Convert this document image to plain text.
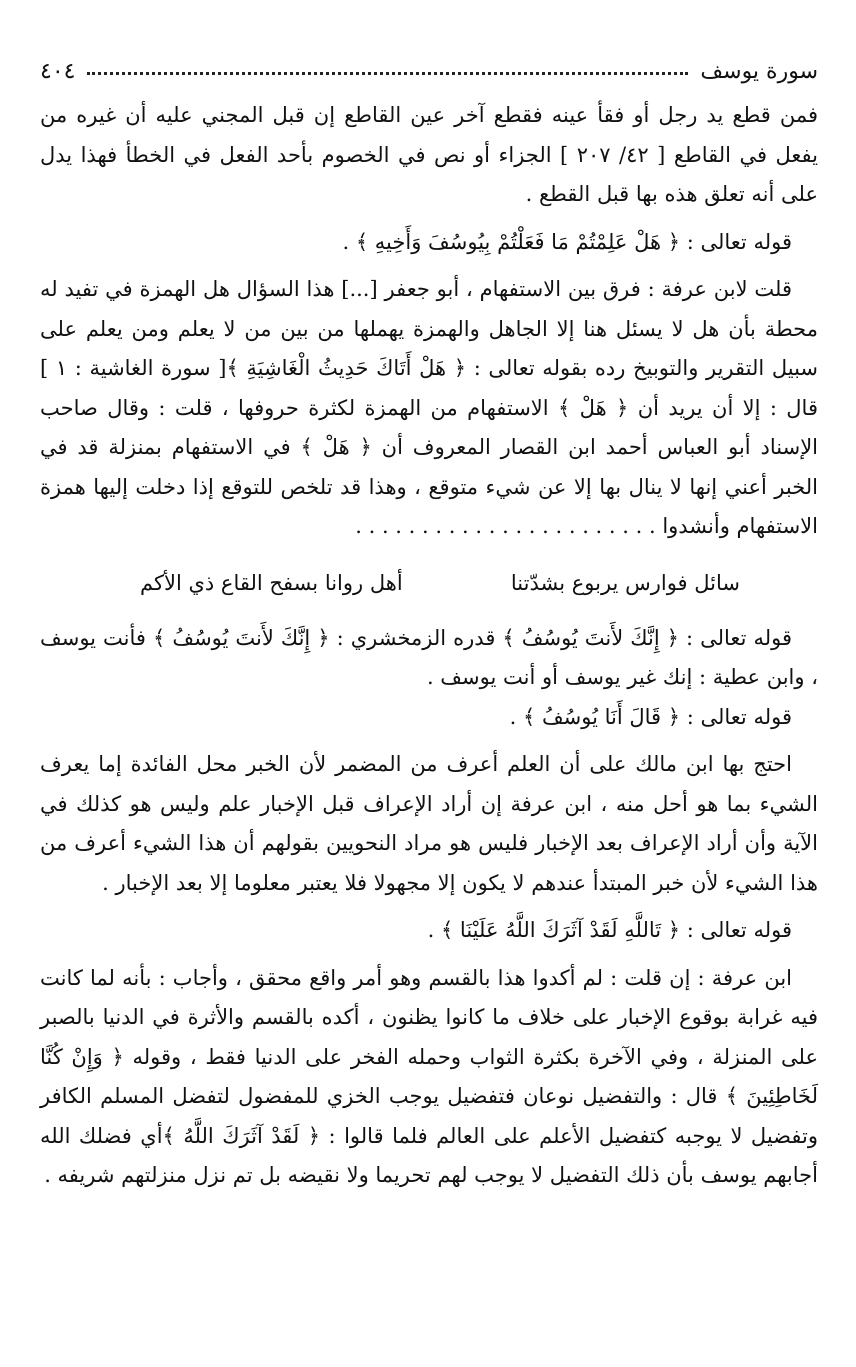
سورة يوسف
٤٠٤

فمن قطع يد رجل أو فقأ عينه فقطع آخر عين القاطع إن قبل المجني عليه أن غيره من يفعل في القاطع [ ٤٢/ ٢٠٧ ] الجزاء أو نص في الخصوم بأحد الفعل في الخطأ فهذا يدل على أنه تعلق هذه بها قبل القطع .

قوله تعالى : ﴿ هَلْ عَلِمْتُمْ مَا فَعَلْتُمْ بِيُوسُفَ وَأَخِيهِ ﴾ .

قلت لابن عرفة : فرق بين الاستفهام ، أبو جعفر [...] هذا السؤال هل الهمزة في تفيد له محطة بأن هل لا يسئل هنا إلا الجاهل والهمزة يهملها من بين من لا يعلم ومن يعلم على سبيل التقرير والتوبيخ رده بقوله تعالى : ﴿ هَلْ أَتَاكَ حَدِيثُ الْغَاشِيَةِ ﴾[ سورة الغاشية : ١ ] قال : إلا أن يريد أن ﴿ هَلْ ﴾ الاستفهام من الهمزة لكثرة حروفها ، قلت : وقال صاحب الإسناد أبو العباس أحمد ابن القصار المعروف أن ﴿ هَلْ ﴾ في الاستفهام بمنزلة قد في الخبر أعني إنها لا ينال بها إلا عن شيء متوقع ، وهذا قد تلخص للتوقع إذا دخلت إليها همزة الاستفهام وأنشدوا . . . . . . . . . . . . . . . . . . . . . . .

سائل فوارس يربوع بشدّتنا
أهل روانا بسفح القاع ذي الأكم

قوله تعالى : ﴿ إِنَّكَ لأَنتَ يُوسُفُ ﴾ قدره الزمخشري : ﴿ إِنَّكَ لأَنتَ يُوسُفُ ﴾ فأنت يوسف ، وابن عطية : إنك غير يوسف أو أنت يوسف .

قوله تعالى : ﴿ قَالَ أَنَا يُوسُفُ ﴾ .

احتج بها ابن مالك على أن العلم أعرف من المضمر لأن الخبر محل الفائدة إما يعرف الشيء بما هو أحل منه ، ابن عرفة إن أراد الإعراف قبل الإخبار علم وليس هو كذلك في الآية وأن أراد الإعراف بعد الإخبار فليس هو مراد النحويين بقولهم أن هذا الشيء أعرف من هذا الشيء لأن خبر المبتدأ عندهم لا يكون إلا مجهولا فلا يعتبر معلوما إلا بعد الإخبار .

قوله تعالى : ﴿ تَاللَّهِ لَقَدْ آثَرَكَ اللَّهُ عَلَيْنَا ﴾ .

ابن عرفة : إن قلت : لم أكدوا هذا بالقسم وهو أمر واقع محقق ، وأجاب : بأنه لما كانت فيه غرابة بوقوع الإخبار على خلاف ما كانوا يظنون ، أكده بالقسم والأثرة في الدنيا بالصبر على المنزلة ، وفي الآخرة بكثرة الثواب وحمله الفخر على الدنيا فقط ، وقوله ﴿ وَإِنْ كُنَّا لَخَاطِئِينَ ﴾ قال : والتفضيل نوعان فتفضيل يوجب الخزي للمفضول لتفضل المسلم الكافر وتفضيل لا يوجبه كتفضيل الأعلم على العالم فلما قالوا : ﴿ لَقَدْ آثَرَكَ اللَّهُ ﴾أي فضلك الله أجابهم يوسف بأن ذلك التفضيل لا يوجب لهم تحريما ولا نقيضه بل تم نزل منزلتهم شريفه .
